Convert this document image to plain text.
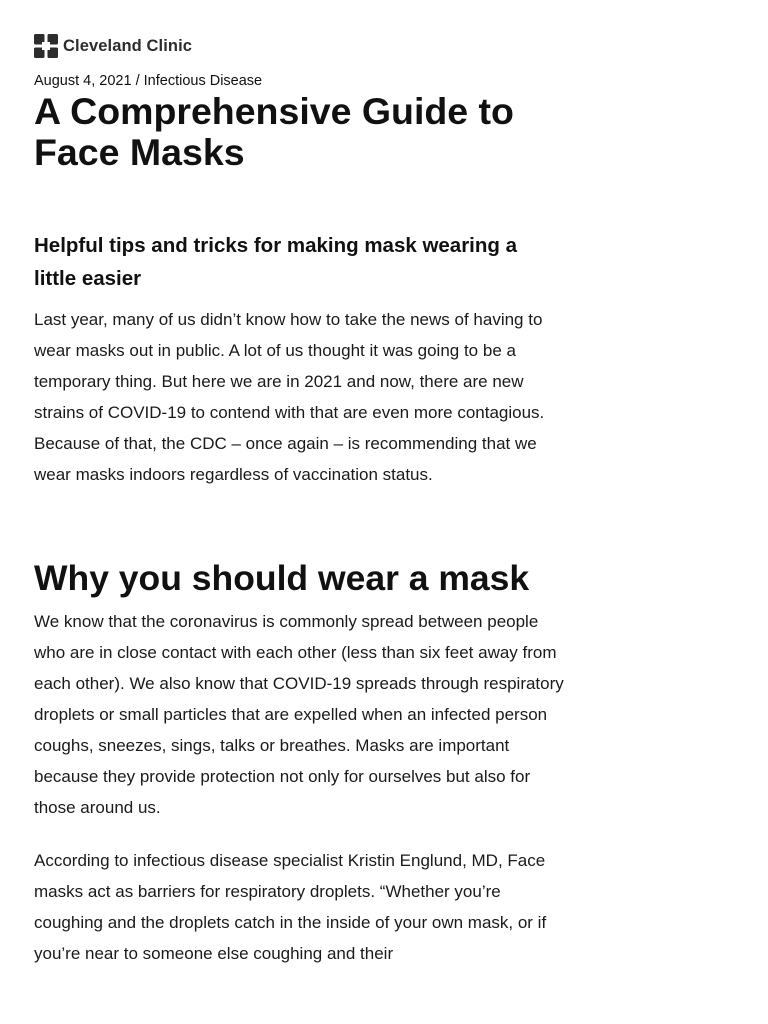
Cleveland Clinic
August 4, 2021 / Infectious Disease
A Comprehensive Guide to Face Masks
Helpful tips and tricks for making mask wearing a little easier

Last year, many of us didn’t know how to take the news of having to wear masks out in public. A lot of us thought it was going to be a temporary thing. But here we are in 2021 and now, there are new strains of COVID-19 to contend with that are even more contagious. Because of that, the CDC – once again – is recommending that we wear masks indoors regardless of vaccination status.

Why you should wear a mask

We know that the coronavirus is commonly spread between people who are in close contact with each other (less than six feet away from each other). We also know that COVID-19 spreads through respiratory droplets or small particles that are expelled when an infected person coughs, sneezes, sings, talks or breathes. Masks are important because they provide protection not only for ourselves but also for those around us.

According to infectious disease specialist Kristin Englund, MD, Face masks act as barriers for respiratory droplets. “Whether you’re coughing and the droplets catch in the inside of your own mask, or if you’re near to someone else coughing and their
